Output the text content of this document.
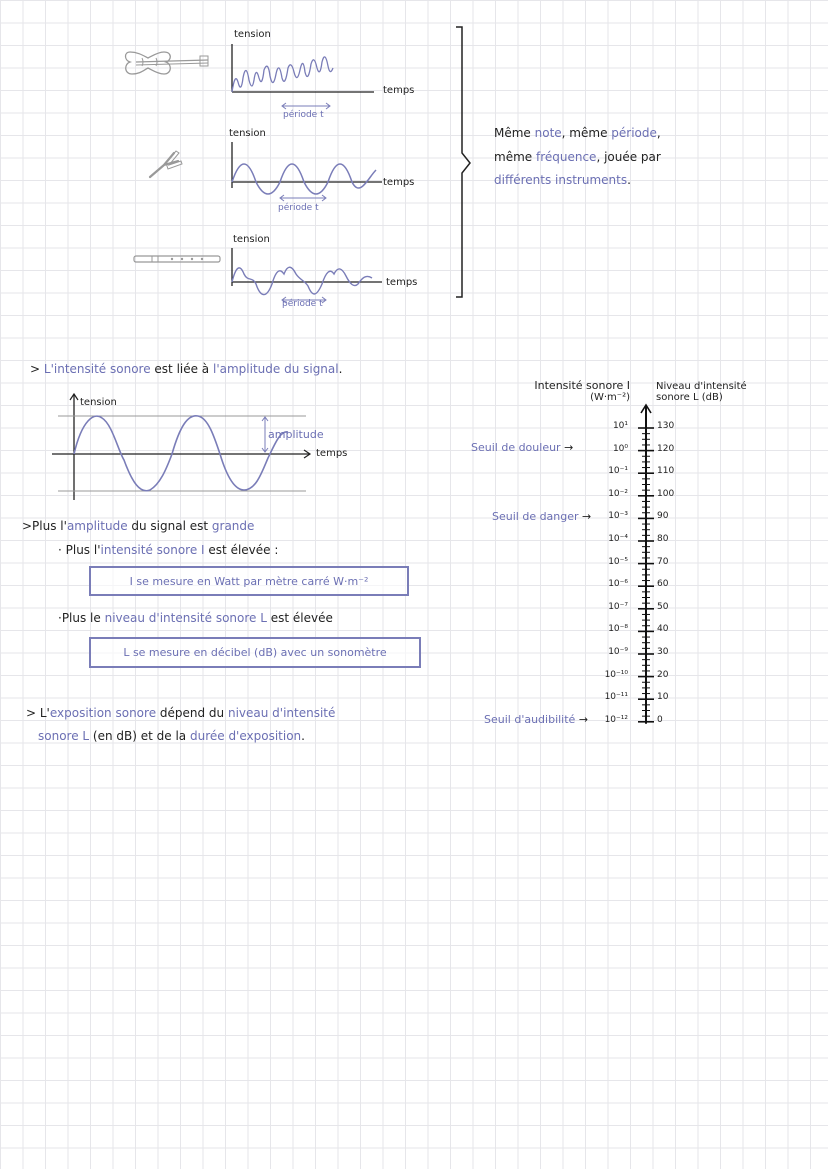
tension
temps
période t
tension
temps
période t
tension
temps
période t
Même note, même période,
même fréquence, jouée par
différents instruments.
> L'intensité sonore est liée à l'amplitude du signal.
tension
amplitude
temps
>Plus l'amplitude du signal est grande
· Plus l'intensité sonore I est élevée :
I se mesure en Watt par mètre carré W·m⁻²
·Plus le niveau d'intensité sonore L est élevée
L se mesure en décibel (dB) avec un sonomètre
> L'exposition sonore dépend du niveau d'intensité
sonore L (en dB) et de la durée d'exposition.
Intensité sonore I
(W·m⁻²)
Niveau d'intensité
sonore L (dB)
10¹
10⁰
10⁻¹
10⁻²
10⁻³
10⁻⁴
10⁻⁵
10⁻⁶
10⁻⁷
10⁻⁸
10⁻⁹
10⁻¹⁰
10⁻¹¹
10⁻¹²
130
120
110
100
90
80
70
60
50
40
30
20
10
0
Seuil de douleur →
Seuil de danger →
Seuil d'audibilité →
